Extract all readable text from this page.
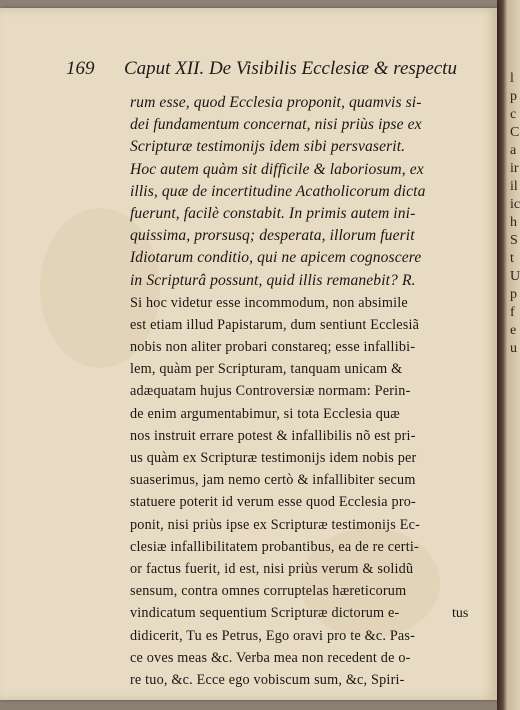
l p c C a ir il ic h S t U p f e u
169 Caput XII. De Visibilis Ecclesiæ & respectu
rum esse, quod Ecclesia proponit, quamvis si-
dei fundamentum concernat, nisi priùs ipse ex
Scripturæ testimonijs idem sibi persvaserit.
Hoc autem quàm sit difficile & laboriosum, ex
illis, quæ de incertitudine Acatholicorum dicta
fuerunt, facilè constabit. In primis autem ini-
quissima, prorsusq; desperata, illorum fuerit
Idiotarum conditio, qui ne apicem cognoscere
in Scripturâ possunt, quid illis remanebit? R.
Si hoc videtur esse incommodum, non absimile
est etiam illud Papistarum, dum sentiunt Ecclesiã
nobis non aliter probari constareq; esse infallibi-
lem, quàm per Scripturam, tanquam unicam &
adæquatam hujus Controversiæ normam: Perin-
de enim argumentabimur, si tota Ecclesia quæ
nos instruit errare potest & infallibilis nõ est pri-
us quàm ex Scripturæ testimonijs idem nobis per
suaserimus, jam nemo certò & infallibiter secum
statuere poterit id verum esse quod Ecclesia pro-
ponit, nisi priùs ipse ex Scripturæ testimonijs Ec-
clesiæ infallibilitatem probantibus, ea de re certi-
or factus fuerit, id est, nisi priùs verum & solidũ
sensum, contra omnes corruptelas hæreticorum
vindicatum sequentium Scripturæ dictorum e-
didicerit, Tu es Petrus, Ego oravi pro te &c. Pas-
ce oves meas &c. Verba mea non recedent de o-
re tuo, &c. Ecce ego vobiscum sum, &c, Spiri-
tus
